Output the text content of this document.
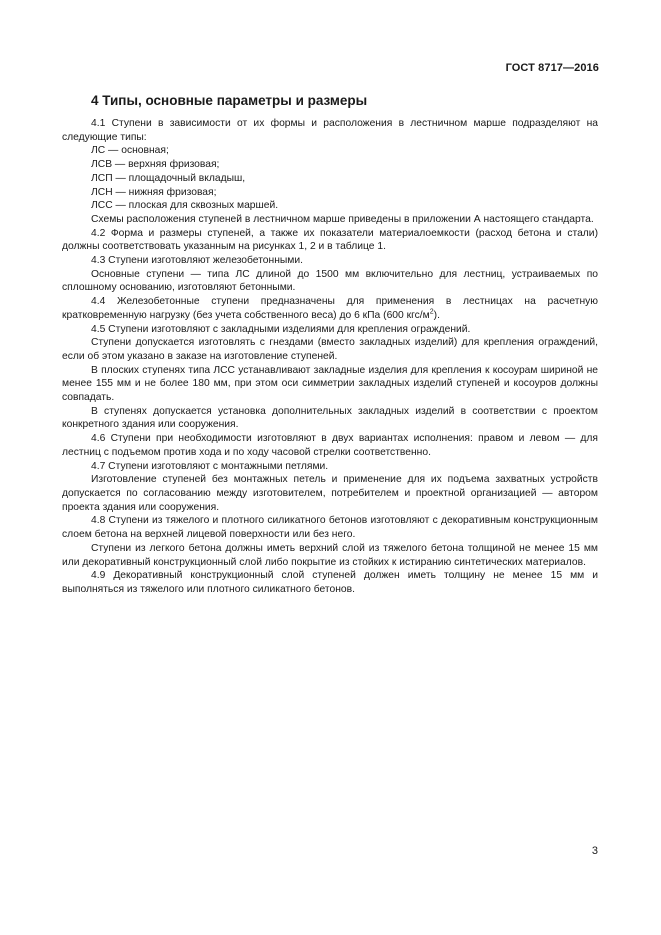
ГОСТ 8717—2016
4 Типы, основные параметры и размеры

4.1 Ступени в зависимости от их формы и расположения в лестничном марше подразделяют на следующие типы:

ЛС — основная;

ЛСВ — верхняя фризовая;

ЛСП — площадочный вкладыш,

ЛСН — нижняя фризовая;

ЛСС — плоская для сквозных маршей.

Схемы расположения ступеней в лестничном марше приведены в приложении А настоящего стандарта.

4.2 Форма и размеры ступеней, а также их показатели материалоемкости (расход бетона и стали) должны соответствовать указанным на рисунках 1, 2 и в таблице 1.

4.3 Ступени изготовляют железобетонными.

Основные ступени — типа ЛС длиной до 1500 мм включительно для лестниц, устраиваемых по сплошному основанию, изготовляют бетонными.

4.4 Железобетонные ступени предназначены для применения в лестницах на расчетную кратковременную нагрузку (без учета собственного веса) до 6 кПа (600 кгс/$м^2$).

4.5 Ступени изготовляют с закладными изделиями для крепления ограждений.

Ступени допускается изготовлять с гнездами (вместо закладных изделий) для крепления ограждений, если об этом указано в заказе на изготовление ступеней.

В плоских ступенях типа ЛСС устанавливают закладные изделия для крепления к косоурам шириной не менее 155 мм и не более 180 мм, при этом оси симметрии закладных изделий ступеней и косоуров должны совпадать.

В ступенях допускается установка дополнительных закладных изделий в соответствии с проектом конкретного здания или сооружения.

4.6 Ступени при необходимости изготовляют в двух вариантах исполнения: правом и левом — для лестниц с подъемом против хода и по ходу часовой стрелки соответственно.

4.7 Ступени изготовляют с монтажными петлями.

Изготовление ступеней без монтажных петель и применение для их подъема захватных устройств допускается по согласованию между изготовителем, потребителем и проектной организацией — автором проекта здания или сооружения.

4.8 Ступени из тяжелого и плотного силикатного бетонов изготовляют с декоративным конструкционным слоем бетона на верхней лицевой поверхности или без него.

Ступени из легкого бетона должны иметь верхний слой из тяжелого бетона толщиной не менее 15 мм или декоративный конструкционный слой либо покрытие из стойких к истиранию синтетических материалов.

4.9 Декоративный конструкционный слой ступеней должен иметь толщину не менее 15 мм и выполняться из тяжелого или плотного силикатного бетонов.

3
